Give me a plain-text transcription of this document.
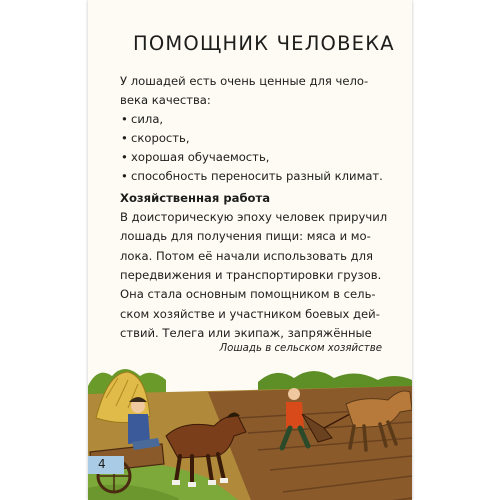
ПОМОЩНИК ЧЕЛОВЕКА
У лошадей есть очень ценные для чело-
века качества:
• сила,
• скорость,
• хорошая обучаемость,
• способность переносить разный климат.
Хозяйственная работа
В доисторическую эпоху человек приручил
лошадь для получения пищи: мяса и мо-
лока. Потом её начали использовать для
передвижения и транспортировки грузов.
Она стала основным помощником в сель-
ском хозяйстве и участником боевых дей-
ствий. Телега или экипаж, запряжённые
Лошадь в сельском хозяйстве
4
